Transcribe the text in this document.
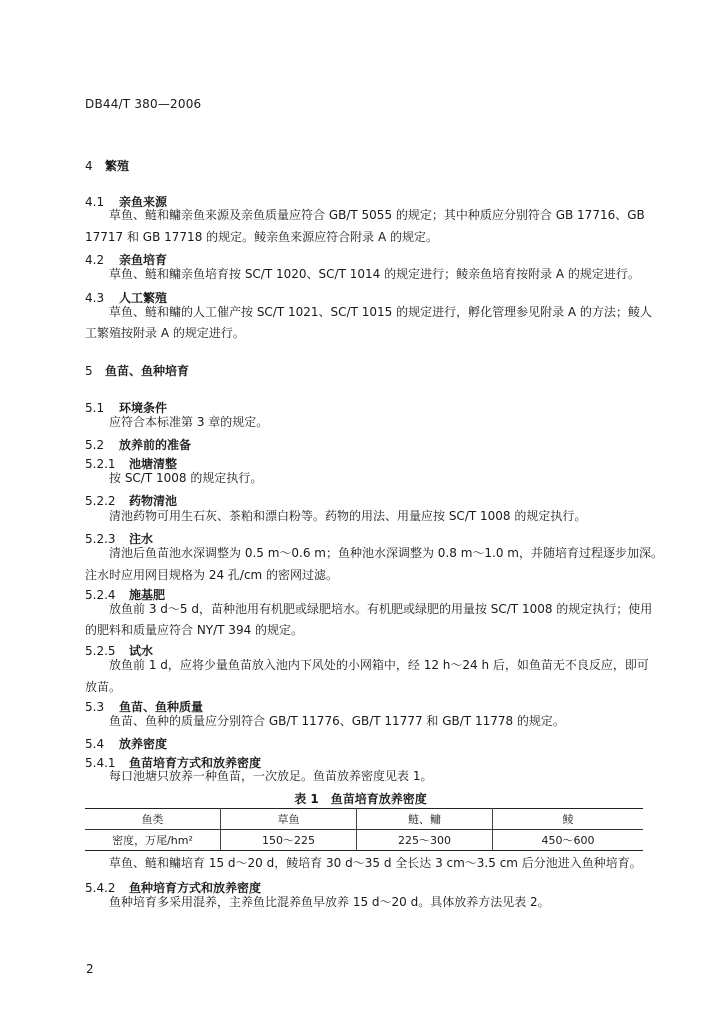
DB44/T 380—2006
4 繁殖
4.1 亲鱼来源
草鱼、鲢和鳙亲鱼来源及亲鱼质量应符合 GB/T 5055 的规定；其中种质应分别符合 GB 17716、GB
17717 和 GB 17718 的规定。鲮亲鱼来源应符合附录 A 的规定。
4.2 亲鱼培育
草鱼、鲢和鳙亲鱼培育按 SC/T 1020、SC/T 1014 的规定进行；鲮亲鱼培育按附录 A 的规定进行。
4.3 人工繁殖
草鱼、鲢和鳙的人工催产按 SC/T 1021、SC/T 1015 的规定进行，孵化管理参见附录 A 的方法；鲮人
工繁殖按附录 A 的规定进行。
5 鱼苗、鱼种培育
5.1 环境条件
应符合本标准第 3 章的规定。
5.2 放养前的准备
5.2.1 池塘清整
按 SC/T 1008 的规定执行。
5.2.2 药物清池
清池药物可用生石灰、茶粕和漂白粉等。药物的用法、用量应按 SC/T 1008 的规定执行。
5.2.3 注水
清池后鱼苗池水深调整为 0.5 m～0.6 m；鱼种池水深调整为 0.8 m～1.0 m，并随培育过程逐步加深。
注水时应用网目规格为 24 孔/cm 的密网过滤。
5.2.4 施基肥
放鱼前 3 d～5 d，苗种池用有机肥或绿肥培水。有机肥或绿肥的用量按 SC/T 1008 的规定执行；使用
的肥料和质量应符合 NY/T 394 的规定。
5.2.5 试水
放鱼前 1 d，应将少量鱼苗放入池内下风处的小网箱中，经 12 h～24 h 后，如鱼苗无不良反应，即可
放苗。
5.3 鱼苗、鱼种质量
鱼苗、鱼种的质量应分别符合 GB/T 11776、GB/T 11777 和 GB/T 11778 的规定。
5.4 放养密度
5.4.1 鱼苗培育方式和放养密度
每口池塘只放养一种鱼苗，一次放足。鱼苗放养密度见表 1。
表 1 鱼苗培育放养密度
鱼类	草鱼	鲢、鳙	鲮
密度，万尾/hm²	150～225	225～300	450～600
草鱼、鲢和鳙培育 15 d～20 d，鲮培育 30 d～35 d 全长达 3 cm～3.5 cm 后分池进入鱼种培育。
5.4.2 鱼种培育方式和放养密度
鱼种培育多采用混养，主养鱼比混养鱼早放养 15 d～20 d。具体放养方法见表 2。
2
